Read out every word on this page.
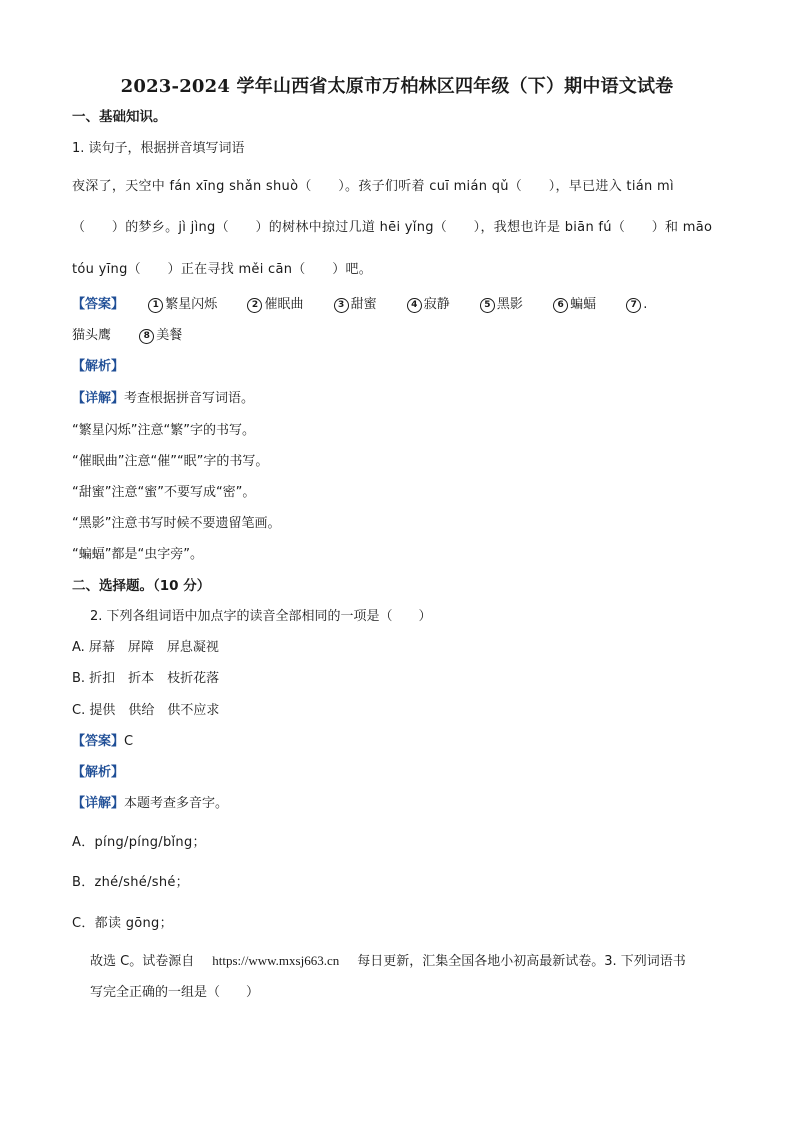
2023-2024 学年山西省太原市万柏林区四年级（下）期中语文试卷
一、基础知识。
1. 读句子，根据拼音填写词语
夜深了，天空中 fán xīng shǎn shuò（　　）。孩子们听着 cuī mián qǔ（　　），早已进入 tián mì
（　　）的梦乡。jì jìng（　　）的树林中掠过几道 hēi yǐng（　　），我想也许是 biān fú（　　）和 māo
tóu yīng（　　）正在寻找 měi cān（　　）吧。
【答案】	1 繁星闪烁	2 催眠曲	3 甜蜜	4 寂静	5 黑影	6 蝙蝠	7 .
猫头鹰	8 美餐
【解析】
【详解】考查根据拼音写词语。
“繁星闪烁”注意“繁”字的书写。
“催眠曲”注意“催”“眠”字的书写。
“甜蜜”注意“蜜”不要写成“密”。
“黑影”注意书写时候不要遗留笔画。
“蝙蝠”都是“虫字旁”。
二、选择题。（10 分）
2. 下列各组词语中加点字的读音全部相同的一项是（　　）
A. 屏幕　屏障　屏息凝视
B. 折扣　折本　枝折花落
C. 提供　供给　供不应求
【答案】C
【解析】
【详解】本题考查多音字。
A．píng/píng/bǐng；
B．zhé/shé/shé；
C．都读 gōng；
故选 C。试卷源自 https://www.mxsj663.cn 每日更新，汇集全国各地小初高最新试卷。3. 下列词语书
写完全正确的一组是（　　）
